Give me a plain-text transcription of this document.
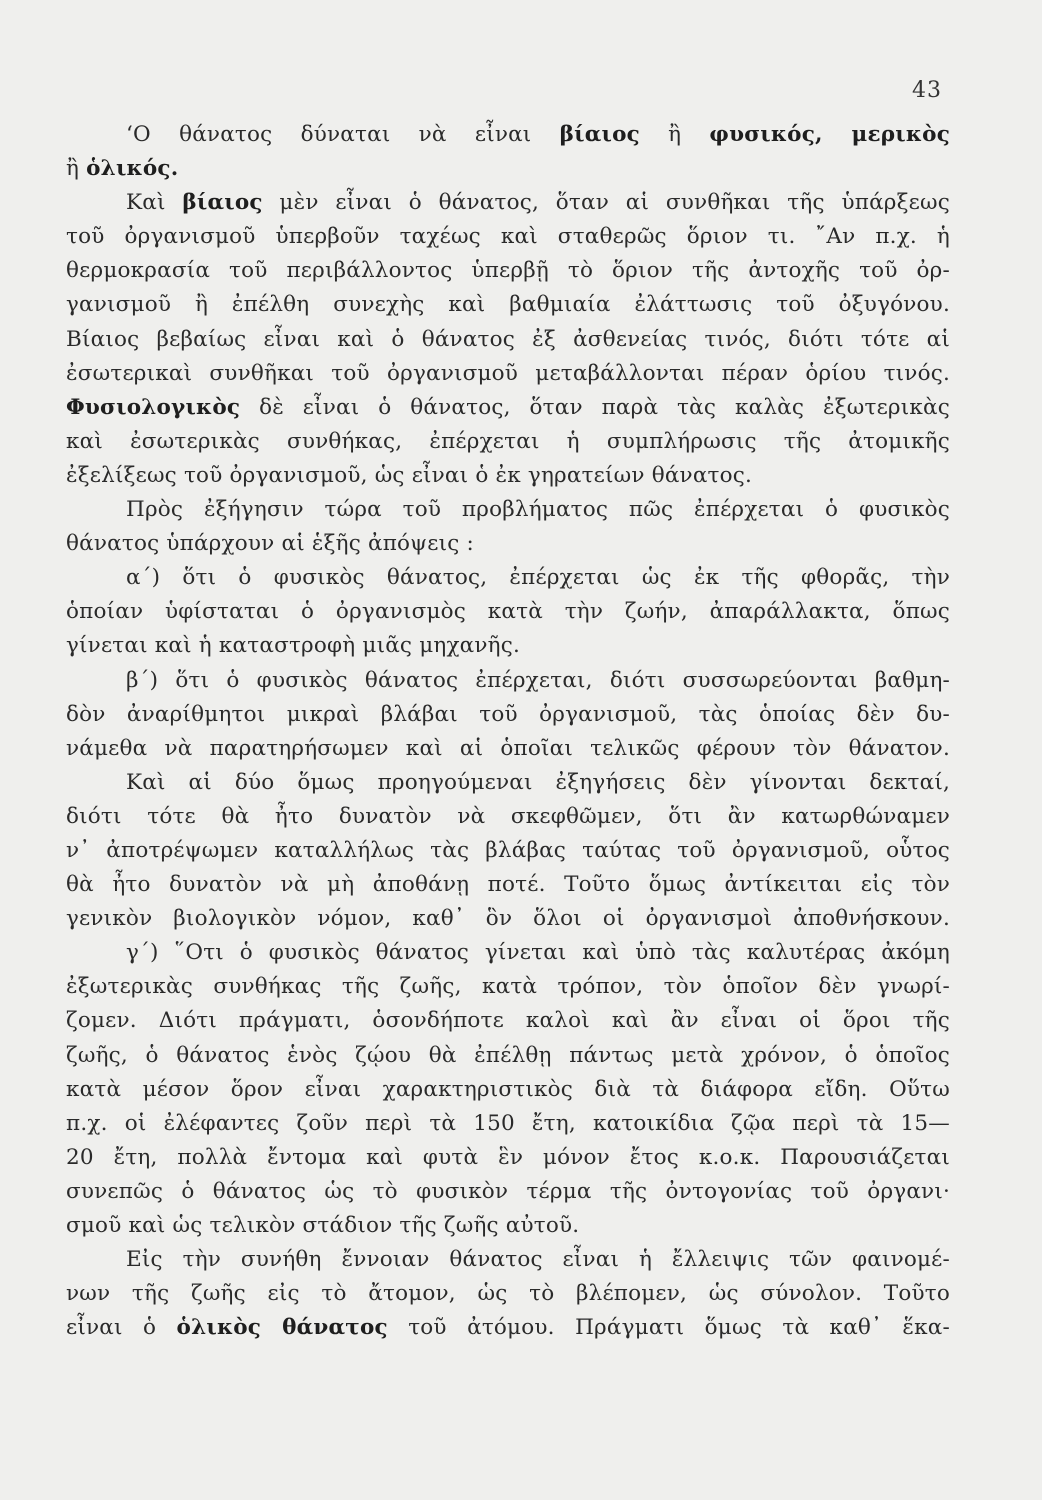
43
‘Ο θάνατος δύναται νὰ εἶναι βίαιος ἢ φυσικός, μερικὸς
ἢ ὁλικός.
Καὶ βίαιος μὲν εἶναι ὁ θάνατος, ὅταν αἱ συνθῆκαι τῆς ὑπάρξεως
τοῦ ὀργανισμοῦ ὑπερβοῦν ταχέως καὶ σταθερῶς ὅριον τι. ῎Αν π.χ. ἡ
θερμοκρασία τοῦ περιβάλλοντος ὑπερβῇ τὸ ὅριον τῆς ἀντοχῆς τοῦ ὀρ-
γανισμοῦ ἢ ἐπέλθη συνεχὴς καὶ βαθμιαία ἐλάττωσις τοῦ ὀξυγόνου.
Βίαιος βεβαίως εἶναι καὶ ὁ θάνατος ἐξ ἀσθενείας τινός, διότι τότε αἱ
ἐσωτερικαὶ συνθῆκαι τοῦ ὀργανισμοῦ μεταβάλλονται πέραν ὁρίου τινός.
Φυσιολογικὸς δὲ εἶναι ὁ θάνατος, ὅταν παρὰ τὰς καλὰς ἐξωτερικὰς
καὶ ἐσωτερικὰς συνθήκας, ἐπέρχεται ἡ συμπλήρωσις τῆς ἀτομικῆς
ἐξελίξεως τοῦ ὀργανισμοῦ, ὡς εἶναι ὁ ἐκ γηρατείων θάνατος.
Πρὸς ἐξήγησιν τώρα τοῦ προβλήματος πῶς ἐπέρχεται ὁ φυσικὸς
θάνατος ὑπάρχουν αἱ ἑξῆς ἀπόψεις :
α΄) ὅτι ὁ φυσικὸς θάνατος, ἐπέρχεται ὡς ἐκ τῆς φθορᾶς, τὴν
ὁποίαν ὑφίσταται ὁ ὀργανισμὸς κατὰ τὴν ζωήν, ἀπαράλλακτα, ὅπως
γίνεται καὶ ἡ καταστροφὴ μιᾶς μηχανῆς.
β΄) ὅτι ὁ φυσικὸς θάνατος ἐπέρχεται, διότι συσσωρεύονται βαθμη-
δὸν ἀναρίθμητοι μικραὶ βλάβαι τοῦ ὀργανισμοῦ, τὰς ὁποίας δὲν δυ-
νάμεθα νὰ παρατηρήσωμεν καὶ αἱ ὁποῖαι τελικῶς φέρουν τὸν θάνατον.
Καὶ αἱ δύο ὅμως προηγούμεναι ἐξηγήσεις δὲν γίνονται δεκταί,
διότι τότε θὰ ἦτο δυνατὸν νὰ σκεφθῶμεν, ὅτι ἂν κατωρθώναμεν
ν᾽ ἀποτρέψωμεν καταλλήλως τὰς βλάβας ταύτας τοῦ ὀργανισμοῦ, οὗτος
θὰ ἦτο δυνατὸν νὰ μὴ ἀποθάνῃ ποτέ. Τοῦτο ὅμως ἀντίκειται εἰς τὸν
γενικὸν βιολογικὸν νόμον, καθ᾽ ὃν ὅλοι οἱ ὀργανισμοὶ ἀποθνήσκουν.
γ΄) ῞Οτι ὁ φυσικὸς θάνατος γίνεται καὶ ὑπὸ τὰς καλυτέρας ἀκόμη
ἐξωτερικὰς συνθήκας τῆς ζωῆς, κατὰ τρόπον, τὸν ὁποῖον δὲν γνωρί-
ζομεν. Διότι πράγματι, ὁσονδήποτε καλοὶ καὶ ἂν εἶναι οἱ ὅροι τῆς
ζωῆς, ὁ θάνατος ἑνὸς ζῴου θὰ ἐπέλθῃ πάντως μετὰ χρόνον, ὁ ὁποῖος
κατὰ μέσον ὅρον εἶναι χαρακτηριστικὸς διὰ τὰ διάφορα εἴδη. Οὕτω
π.χ. οἱ ἐλέφαντες ζοῦν περὶ τὰ 150 ἔτη, κατοικίδια ζῷα περὶ τὰ 15—
20 ἔτη, πολλὰ ἔντομα καὶ φυτὰ ἓν μόνον ἔτος κ.ο.κ. Παρουσιάζεται
συνεπῶς ὁ θάνατος ὡς τὸ φυσικὸν τέρμα τῆς ὀντογονίας τοῦ ὀργανι·
σμοῦ καὶ ὡς τελικὸν στάδιον τῆς ζωῆς αὐτοῦ.
Εἰς τὴν συνήθη ἔννοιαν θάνατος εἶναι ἡ ἔλλειψις τῶν φαινομέ-
νων τῆς ζωῆς εἰς τὸ ἄτομον, ὡς τὸ βλέπομεν, ὡς σύνολον. Τοῦτο
εἶναι ὁ ὁλικὸς θάνατος τοῦ ἀτόμου. Πράγματι ὅμως τὰ καθ᾽ ἕκα-
